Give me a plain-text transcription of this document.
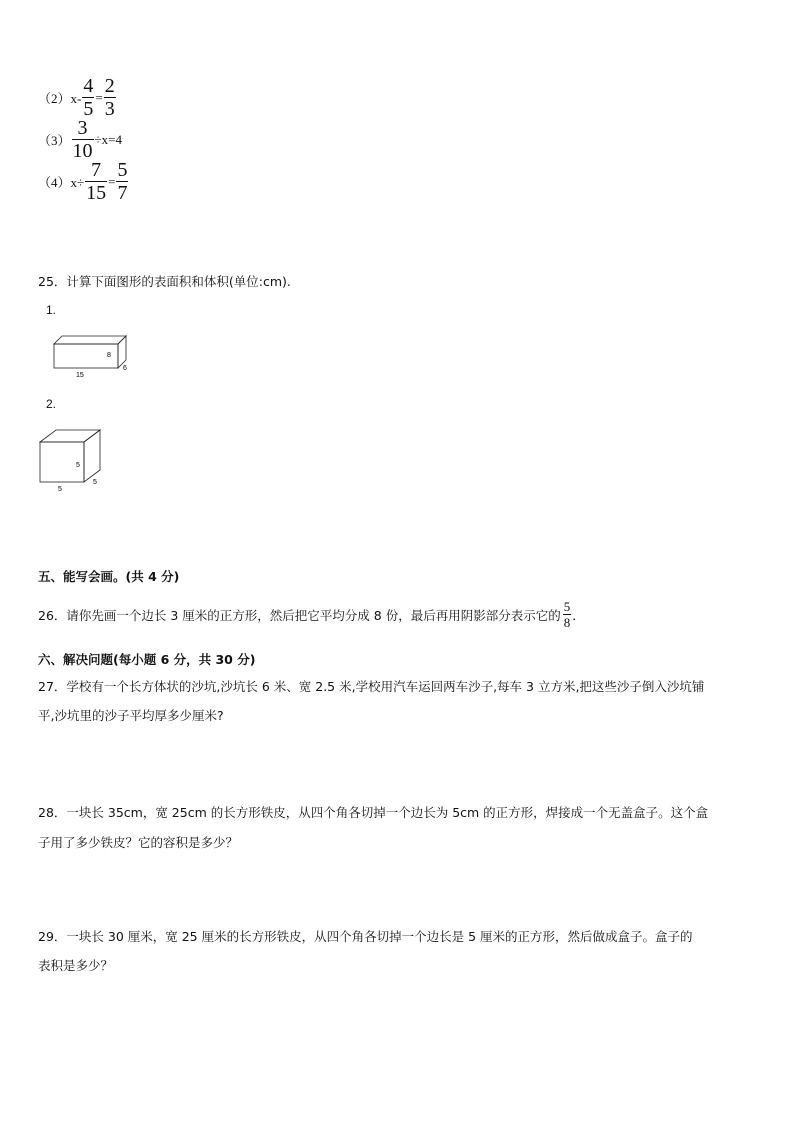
$(2)x- \frac{4}{5} = \frac{2}{3}$
$(3) \frac{3}{10} \div x=4$
$(4)x\div \frac{7}{15} = \frac{5}{7}$
25．计算下面图形的表面积和体积(单位:cm).
1.
8
15
6
2.
5
5
5
五、能写会画。(共 4 分)
26．请你先画一个边长 3 厘米的正方形，然后把它平均分成 8 份，最后再用阴影部分表示它的 $\frac{5}{8}$ ．
六、解决问题(每小题 6 分，共 30 分)
27．学校有一个长方体状的沙坑,沙坑长 6 米、宽 2.5 米,学校用汽车运回两车沙子,每车 3 立方米,把这些沙子倒入沙坑铺
平,沙坑里的沙子平均厚多少厘米?
28．一块长 35cm，宽 25cm 的长方形铁皮，从四个角各切掉一个边长为 5cm 的正方形，焊接成一个无盖盒子。这个盒
子用了多少铁皮？它的容积是多少？
29．一块长 30 厘米，宽 25 厘米的长方形铁皮，从四个角各切掉一个边长是 5 厘米的正方形，然后做成盒子。盒子的
表积是多少？
